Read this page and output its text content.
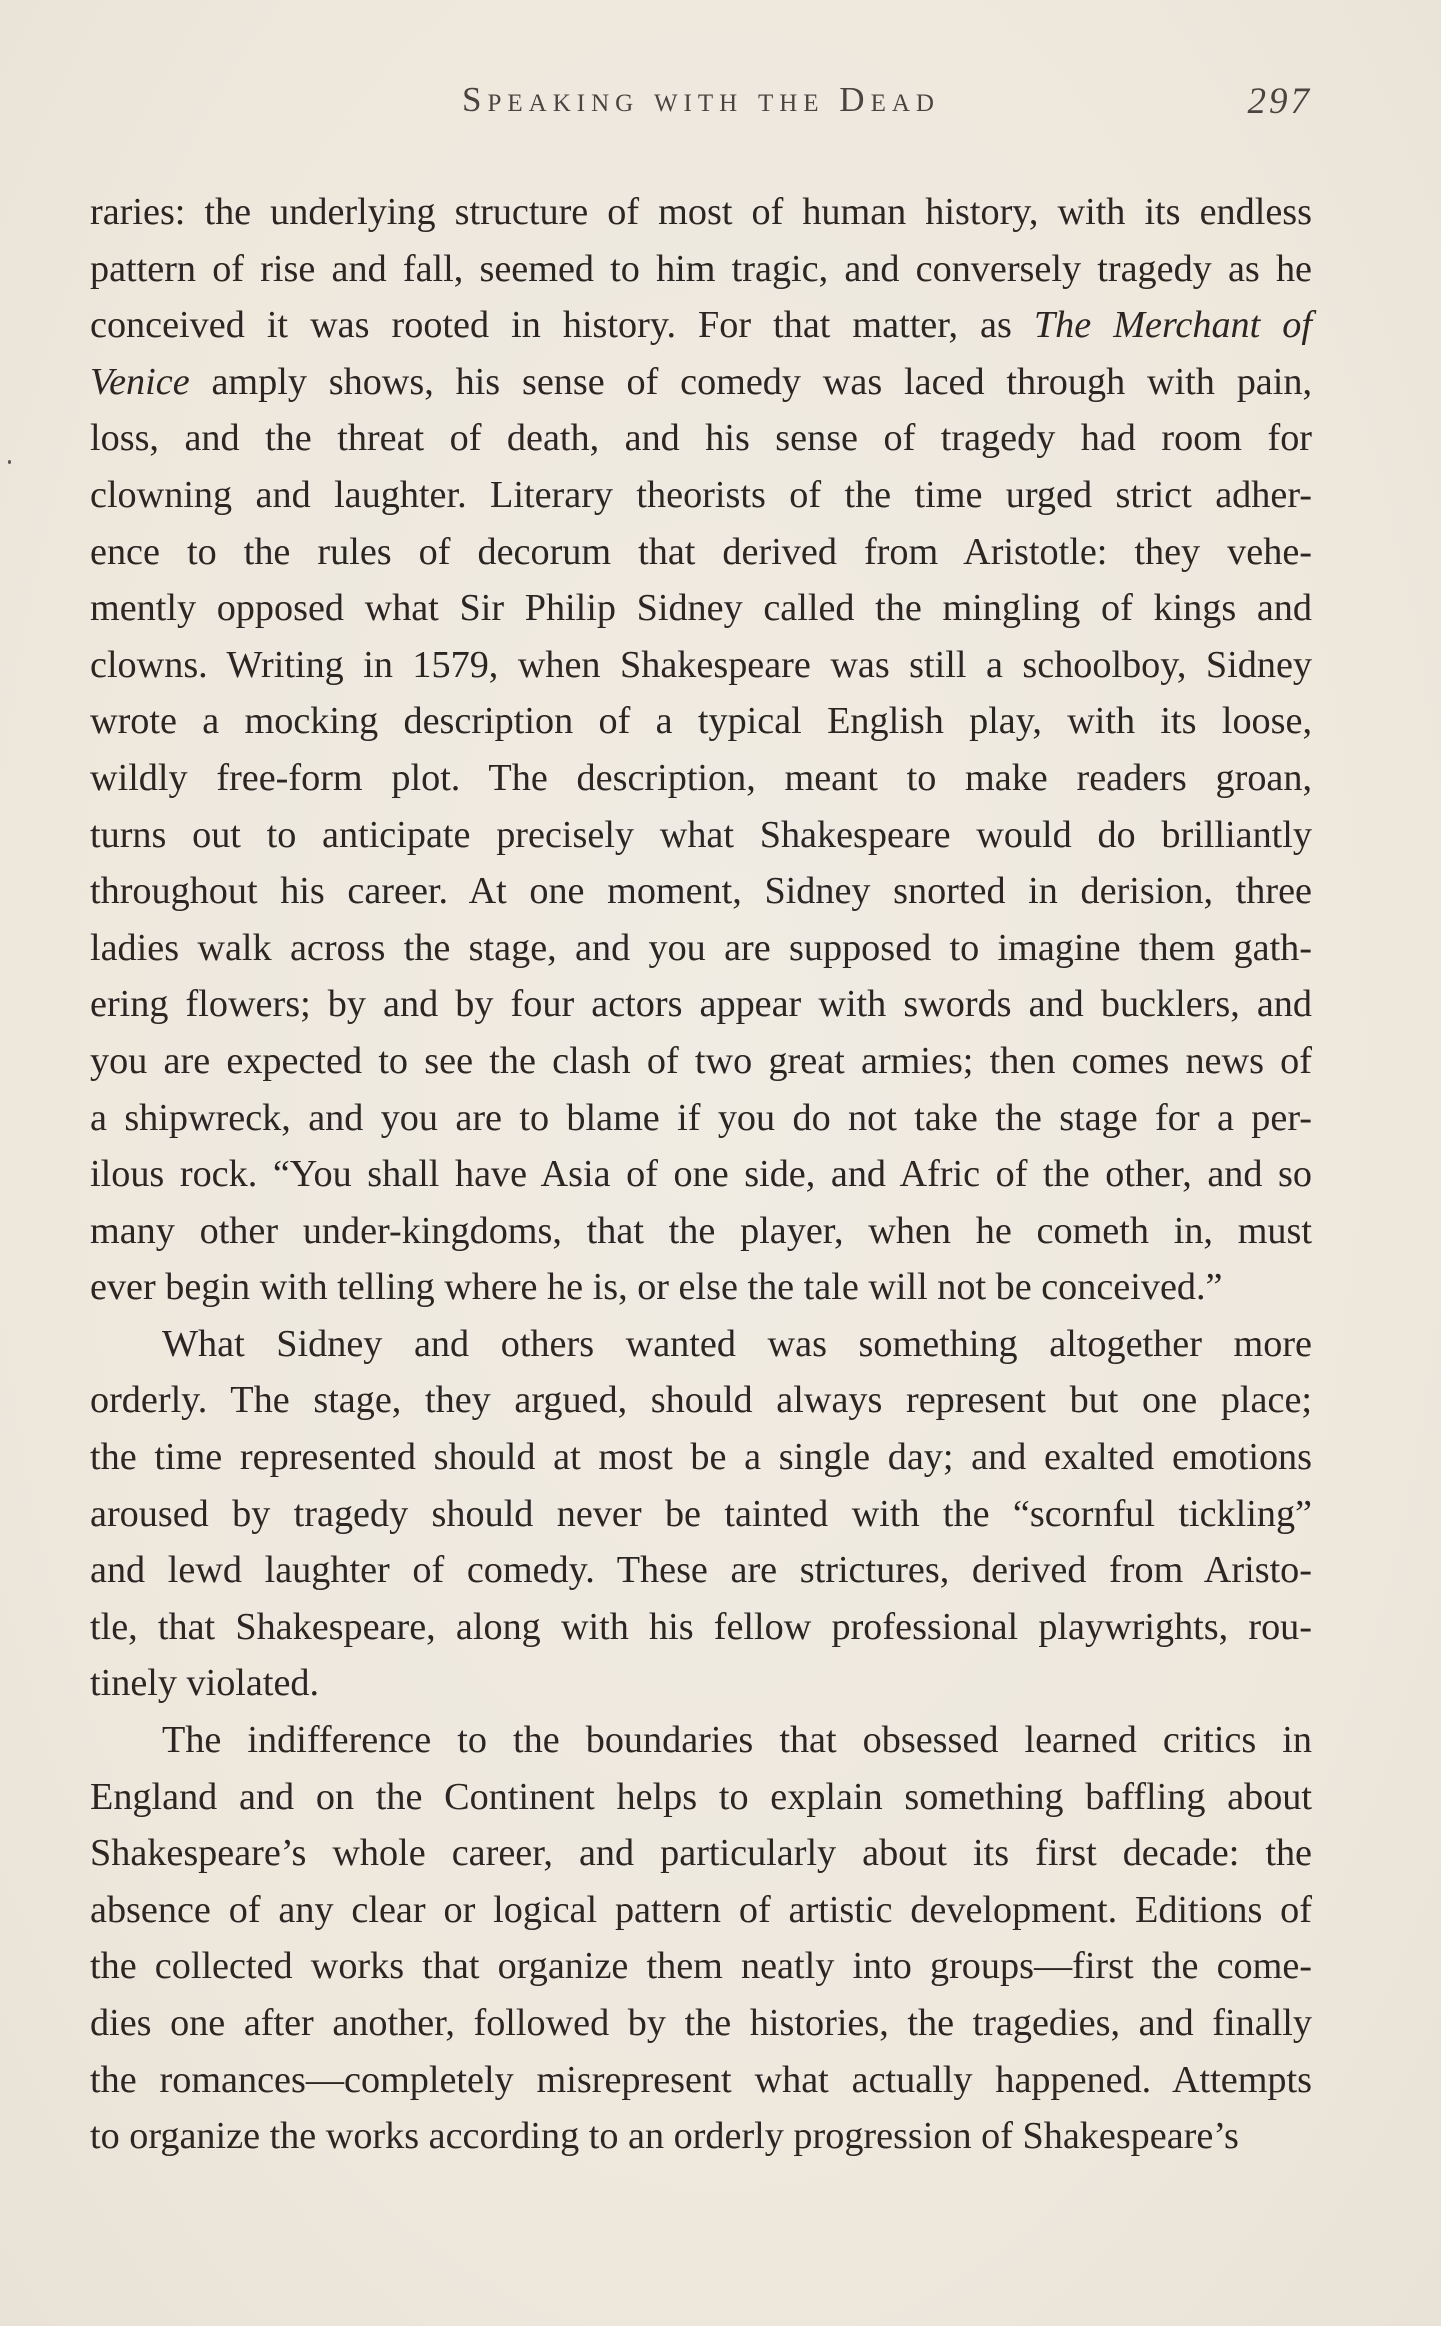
Speaking with the Dead	297
raries: the underlying structure of most of human history, with its endless
pattern of rise and fall, seemed to him tragic, and conversely tragedy as he
conceived it was rooted in history. For that matter, as The Merchant of
Venice amply shows, his sense of comedy was laced through with pain,
loss, and the threat of death, and his sense of tragedy had room for
clowning and laughter. Literary theorists of the time urged strict adher-
ence to the rules of decorum that derived from Aristotle: they vehe-
mently opposed what Sir Philip Sidney called the mingling of kings and
clowns. Writing in 1579, when Shakespeare was still a schoolboy, Sidney
wrote a mocking description of a typical English play, with its loose,
wildly free-form plot. The description, meant to make readers groan,
turns out to anticipate precisely what Shakespeare would do brilliantly
throughout his career. At one moment, Sidney snorted in derision, three
ladies walk across the stage, and you are supposed to imagine them gath-
ering flowers; by and by four actors appear with swords and bucklers, and
you are expected to see the clash of two great armies; then comes news of
a shipwreck, and you are to blame if you do not take the stage for a per-
ilous rock. “You shall have Asia of one side, and Afric of the other, and so
many other under-kingdoms, that the player, when he cometh in, must
ever begin with telling where he is, or else the tale will not be conceived.”
What Sidney and others wanted was something altogether more
orderly. The stage, they argued, should always represent but one place;
the time represented should at most be a single day; and exalted emotions
aroused by tragedy should never be tainted with the “scornful tickling”
and lewd laughter of comedy. These are strictures, derived from Aristo-
tle, that Shakespeare, along with his fellow professional playwrights, rou-
tinely violated.
The indifference to the boundaries that obsessed learned critics in
England and on the Continent helps to explain something baffling about
Shakespeare’s whole career, and particularly about its first decade: the
absence of any clear or logical pattern of artistic development. Editions of
the collected works that organize them neatly into groups—first the come-
dies one after another, followed by the histories, the tragedies, and finally
the romances—completely misrepresent what actually happened. Attempts
to organize the works according to an orderly progression of Shakespeare’s
